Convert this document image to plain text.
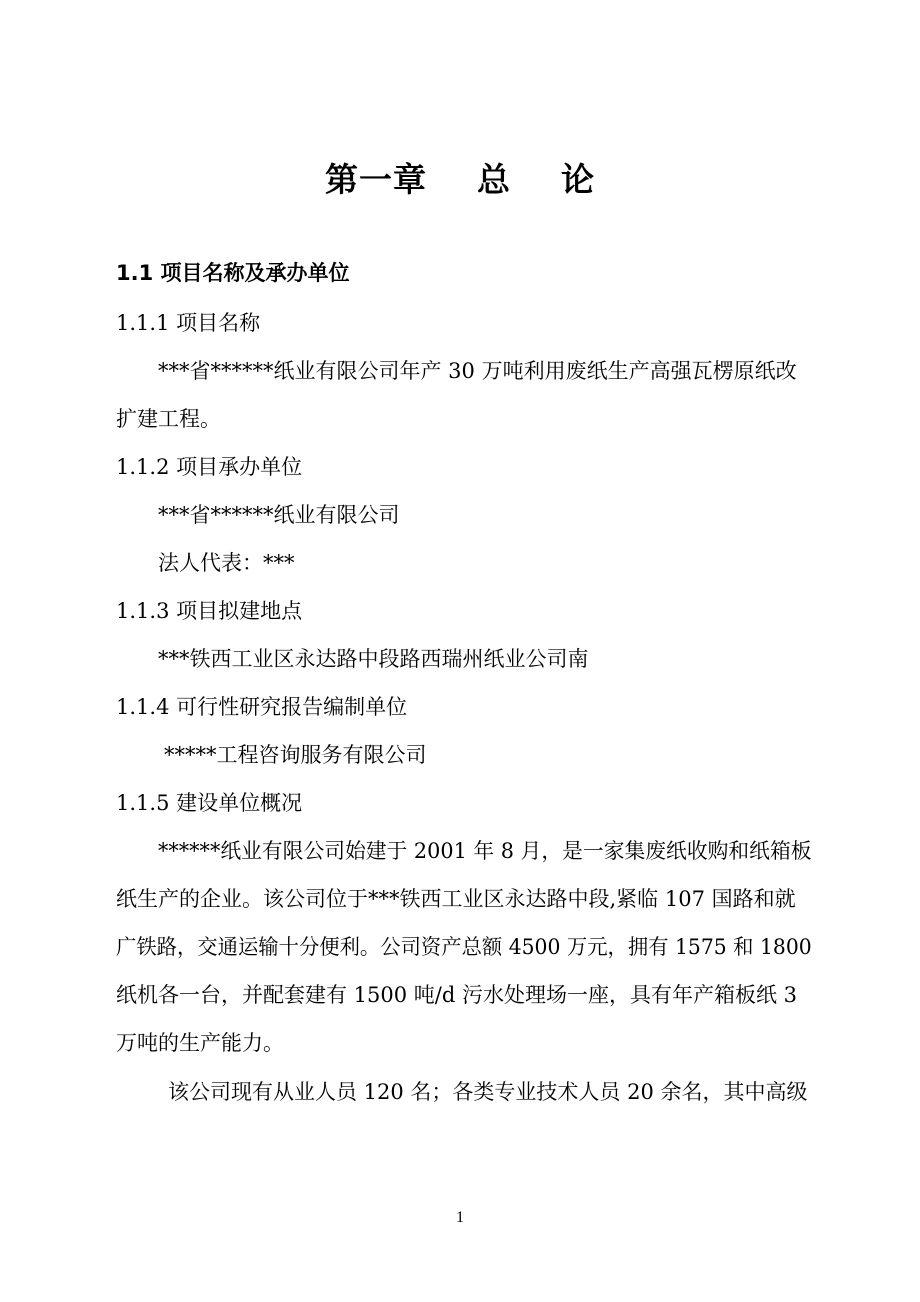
第一章    总    论
1.1 项目名称及承办单位
1.1.1 项目名称
***省******纸业有限公司年产 30 万吨利用废纸生产高强瓦楞原纸改
扩建工程。
1.1.2 项目承办单位
***省******纸业有限公司
法人代表：***
1.1.3 项目拟建地点
***铁西工业区永达路中段路西瑞州纸业公司南
1.1.4 可行性研究报告编制单位
*****工程咨询服务有限公司
1.1.5 建设单位概况
******纸业有限公司始建于 2001 年 8 月，是一家集废纸收购和纸箱板
纸生产的企业。该公司位于***铁西工业区永达路中段,紧临 107 国路和就
广铁路，交通运输十分便利。公司资产总额 4500 万元，拥有 1575 和 1800
纸机各一台，并配套建有 1500 吨/d 污水处理场一座，具有年产箱板纸 3
万吨的生产能力。
该公司现有从业人员 120 名；各类专业技术人员 20 余名，其中高级
1
